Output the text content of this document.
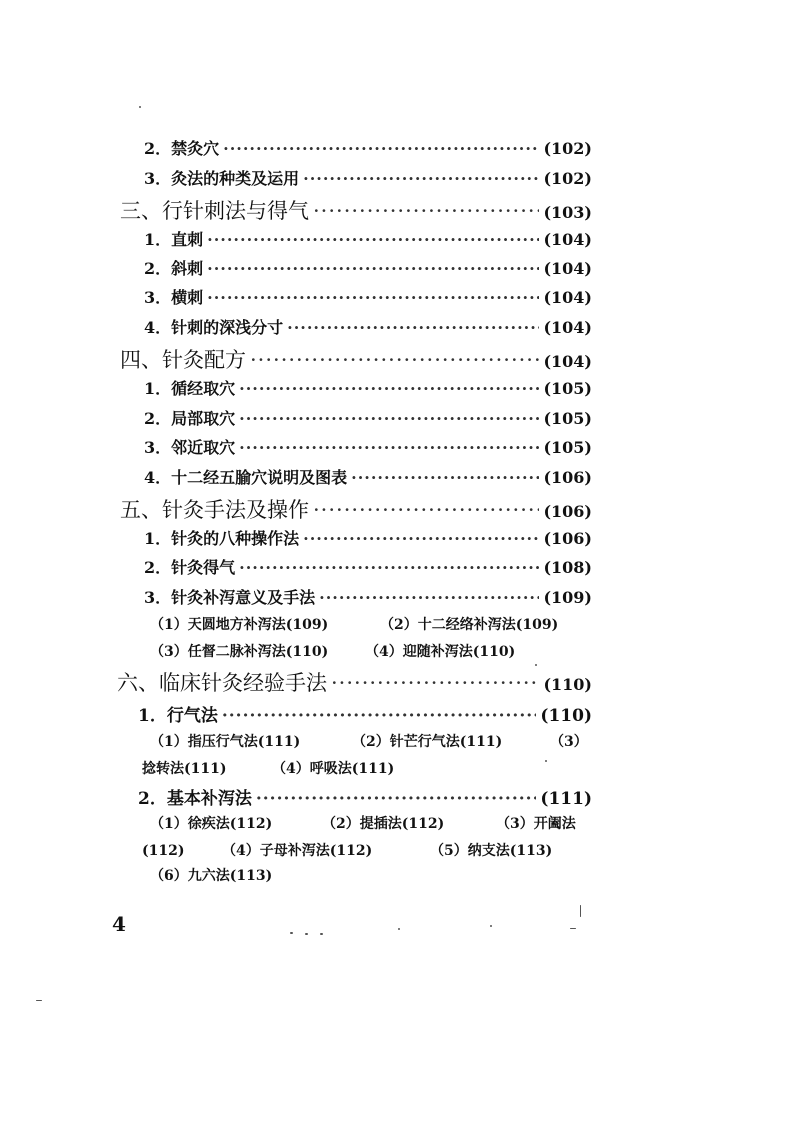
2．禁灸穴 ·····	(102)
3．灸法的种类及运用 ·····	(102)
三、行针刺法与得气 ·····	(103)
1．直刺 ·····	(104)
2．斜刺 ·····	(104)
3．横刺 ·····	(104)
4．针刺的深浅分寸 ·····	(104)
四、针灸配方 ·····	(104)
1．循经取穴 ·····	(105)
2．局部取穴 ·····	(105)
3．邻近取穴 ·····	(105)
4．十二经五腧穴说明及图表 ·····	(106)
五、针灸手法及操作 ·····	(106)
1．针灸的八种操作法 ·····	(106)
2．针灸得气 ·····	(108)
3．针灸补泻意义及手法 ·····	(109)
（1）天圆地方补泻法(109)	（2）十二经络补泻法(109)
（3）任督二脉补泻法(110)	（4）迎随补泻法(110)
六、临床针灸经验手法 ·····	(110)
1．行气法 ·····	(110)
（1）指压行气法(111)	（2）针芒行气法(111)	（3）
捻转法(111)	（4）呼吸法(111)
2．基本补泻法 ·····	(111)
（1）徐疾法(112)	（2）提插法(112)	（3）开阖法
(112)	（4）子母补泻法(112)	（5）纳支法(113)
（6）九六法(113)
4
